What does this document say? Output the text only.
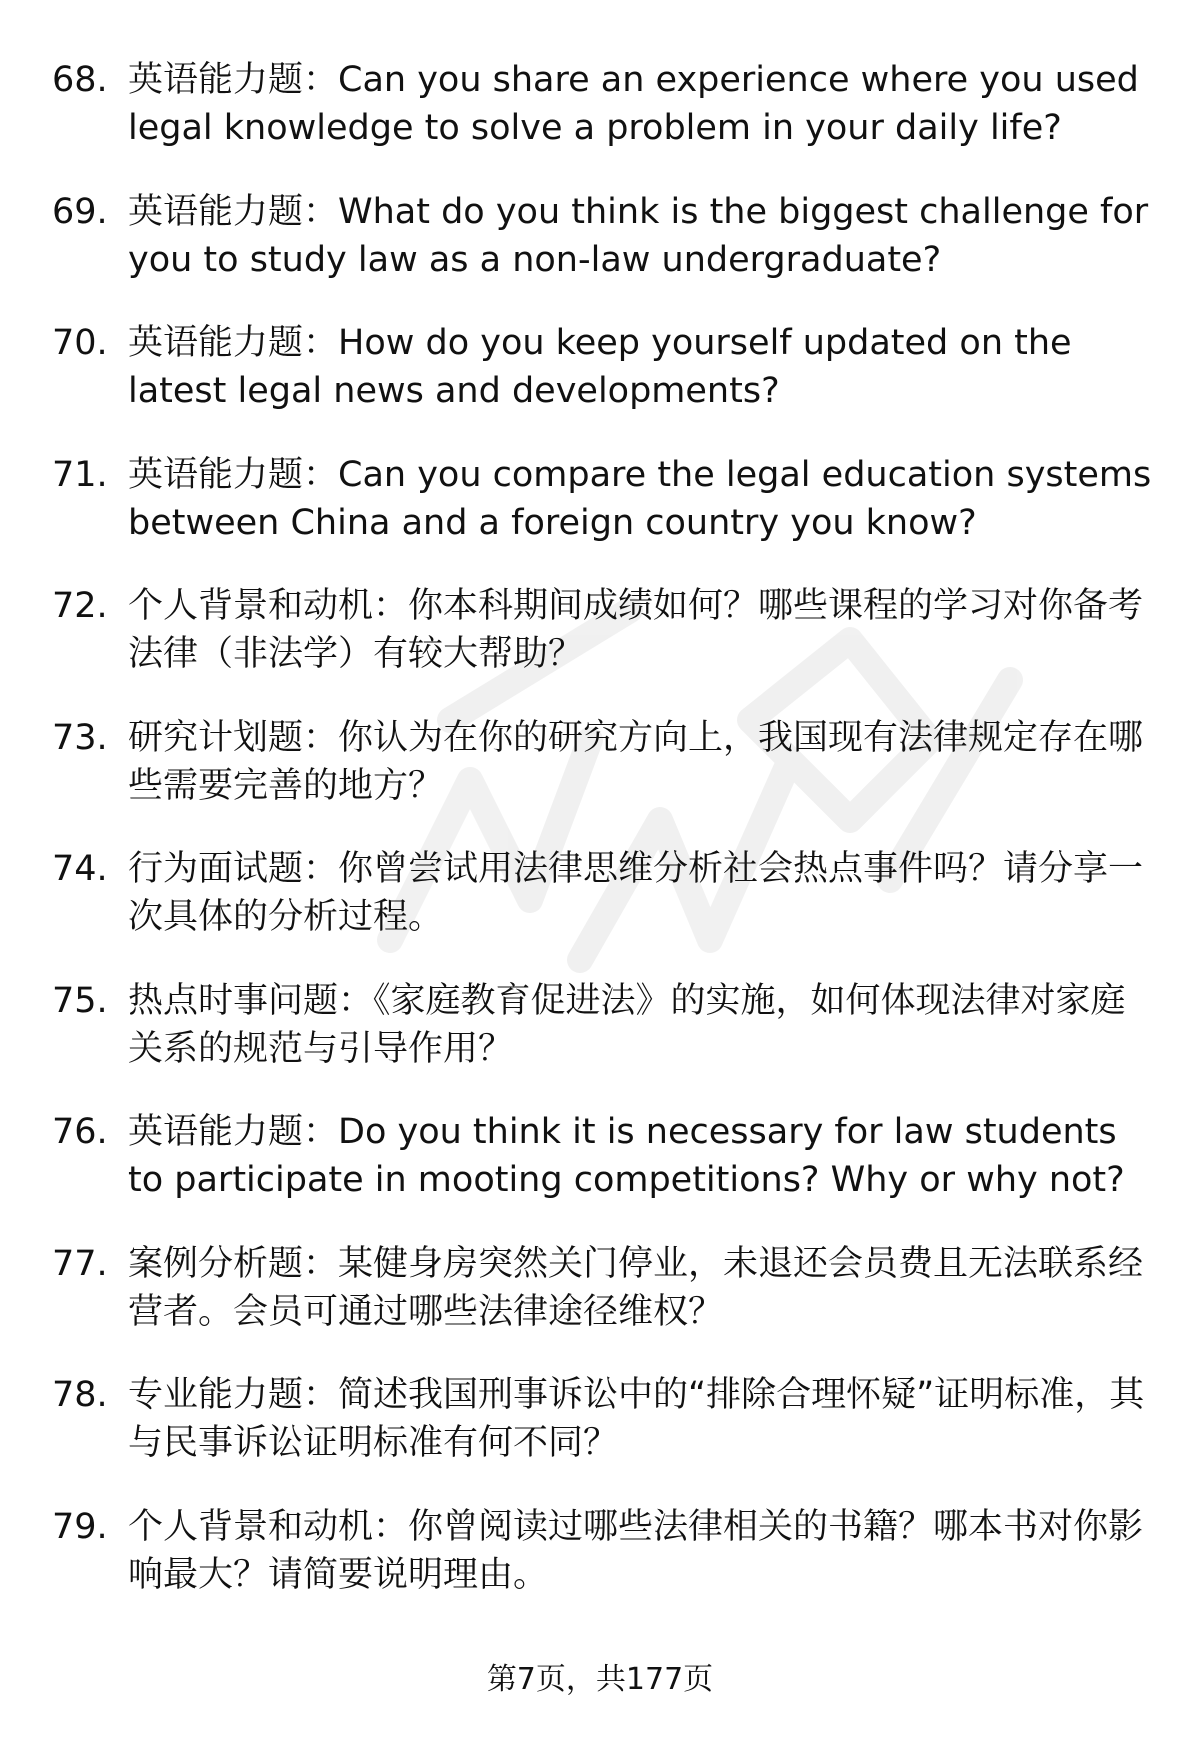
68. 英语能力题：Can you share an experience where you used legal knowledge to solve a problem in your daily life?
69. 英语能力题：What do you think is the biggest challenge for you to study law as a non-law undergraduate?
70. 英语能力题：How do you keep yourself updated on the latest legal news and developments?
71. 英语能力题：Can you compare the legal education systems between China and a foreign country you know?
72. 个人背景和动机：你本科期间成绩如何？哪些课程的学习对你备考法律（非法学）有较大帮助？
73. 研究计划题：你认为在你的研究方向上，我国现有法律规定存在哪些需要完善的地方？
74. 行为面试题：你曾尝试用法律思维分析社会热点事件吗？请分享一次具体的分析过程。
75. 热点时事问题：《家庭教育促进法》的实施，如何体现法律对家庭关系的规范与引导作用？
76. 英语能力题：Do you think it is necessary for law students to participate in mooting competitions? Why or why not?
77. 案例分析题：某健身房突然关门停业，未退还会员费且无法联系经营者。会员可通过哪些法律途径维权？
78. 专业能力题：简述我国刑事诉讼中的“排除合理怀疑”证明标准，其与民事诉讼证明标准有何不同？
79. 个人背景和动机：你曾阅读过哪些法律相关的书籍？哪本书对你影响最大？请简要说明理由。
第7页，共177页
